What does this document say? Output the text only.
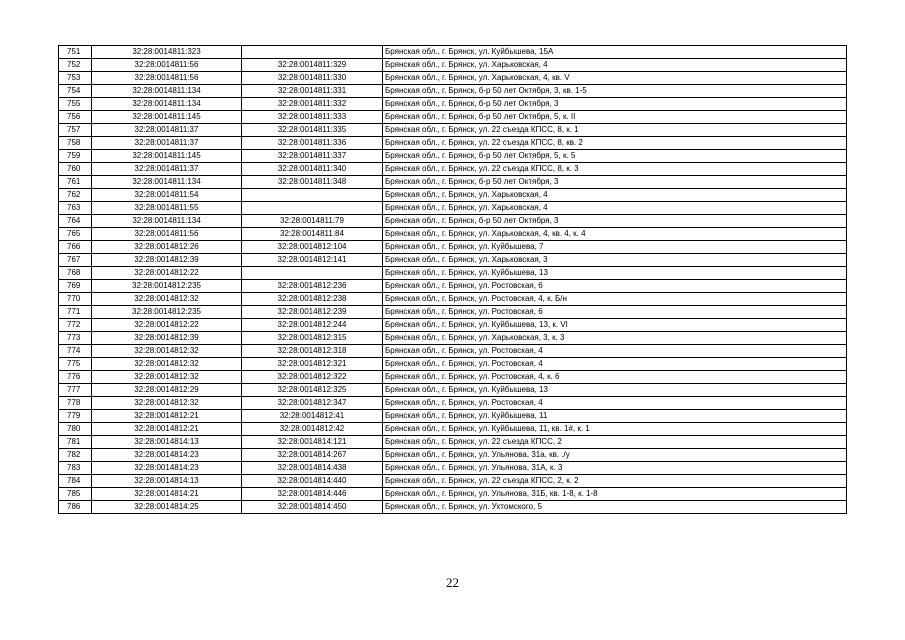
751	32:28:0014811:323		Брянская обл., г. Брянск, ул. Куйбышева, 15А
752	32:28:0014811:56	32:28:0014811:329	Брянская обл., г. Брянск, ул. Харьковская, 4
753	32:28:0014811:56	32:28:0014811:330	Брянская обл., г. Брянск, ул. Харьковская, 4, кв. V
754	32:28:0014811:134	32:28:0014811:331	Брянская обл., г. Брянск, б-р 50 лет Октября, 3, кв. 1-5
755	32:28:0014811:134	32:28:0014811:332	Брянская обл., г. Брянск, б-р 50 лет Октября, 3
756	32:28:0014811:145	32:28:0014811:333	Брянская обл., г. Брянск, б-р 50 лет Октября, 5, к. II
757	32:28:0014811:37	32:28:0014811:335	Брянская обл., г. Брянск, ул. 22 съезда КПСС, 8, к. 1
758	32:28:0014811:37	32:28:0014811:336	Брянская обл., г. Брянск, ул. 22 съезда КПСС, 8, кв. 2
759	32:28:0014811:145	32:28:0014811:337	Брянская обл., г. Брянск, б-р 50 лет Октября, 5, к. 5
760	32:28:0014811:37	32:28:0014811:340	Брянская обл., г. Брянск, ул. 22 съезда КПСС, 8, к. 3
761	32:28:0014811:134	32:28:0014811:348	Брянская обл., г. Брянск, б-р 50 лет Октября, 3
762	32:28:0014811:54		Брянская обл., г. Брянск, ул. Харьковская, 4
763	32:28:0014811:55		Брянская обл., г. Брянск, ул. Харьковская, 4
764	32:28:0014811:134	32:28:0014811:79	Брянская обл., г. Брянск, б-р 50 лет Октября, 3
765	32:28:0014811:56	32:28:0014811:84	Брянская обл., г. Брянск, ул. Харьковская, 4, кв. 4, к. 4
766	32:28:0014812:26	32:28:0014812:104	Брянская обл., г. Брянск, ул. Куйбышева, 7
767	32:28:0014812:39	32:28:0014812:141	Брянская обл., г. Брянск, ул. Харьковская, 3
768	32:28:0014812:22		Брянская обл., г. Брянск, ул. Куйбышева, 13
769	32:28:0014812:235	32:28:0014812:236	Брянская обл., г. Брянск, ул. Ростовская, 6
770	32:28:0014812:32	32:28:0014812:238	Брянская обл., г. Брянск, ул. Ростовская, 4, к. Б/н
771	32:28:0014812:235	32:28:0014812:239	Брянская обл., г. Брянск, ул. Ростовская, 6
772	32:28:0014812:22	32:28:0014812:244	Брянская обл., г. Брянск, ул. Куйбышева, 13, к. VI
773	32:28:0014812:39	32:28:0014812:315	Брянская обл., г. Брянск, ул. Харьковская, 3, к. 3
774	32:28:0014812:32	32:28:0014812:318	Брянская обл., г. Брянск, ул. Ростовская, 4
775	32:28:0014812:32	32:28:0014812:321	Брянская обл., г. Брянск, ул. Ростовская, 4
776	32:28:0014812:32	32:28:0014812:322	Брянская обл., г. Брянск, ул. Ростовская, 4, к. 6
777	32:28:0014812:29	32:28:0014812:325	Брянская обл., г. Брянск, ул. Куйбышева, 13
778	32:28:0014812:32	32:28:0014812:347	Брянская обл., г. Брянск, ул. Ростовская, 4
779	32:28:0014812:21	32:28:0014812:41	Брянская обл., г. Брянск, ул. Куйбышева, 11
780	32:28:0014812:21	32:28:0014812:42	Брянская обл., г. Брянск, ул. Куйбышева, 11, кв. 1#, к. 1
781	32:28:0014814:13	32:28:0014814:121	Брянская обл., г. Брянск, ул. 22 съезда КПСС, 2
782	32:28:0014814:23	32:28:0014814:267	Брянская обл., г. Брянск, ул. Ульянова, 31а, кв. ./у
783	32:28:0014814:23	32:28:0014814:438	Брянская обл., г. Брянск, ул. Ульянова, 31А, к. 3
784	32:28:0014814:13	32:28:0014814:440	Брянская обл., г. Брянск, ул. 22 съезда КПСС, 2, к. 2
785	32:28:0014814:21	32:28:0014814:446	Брянская обл., г. Брянск, ул. Ульянова, 31Б, кв. 1-8, к. 1-8
786	32:28:0014814:25	32:28:0014814:450	Брянская обл., г. Брянск, ул. Ухтомского, 5
22
